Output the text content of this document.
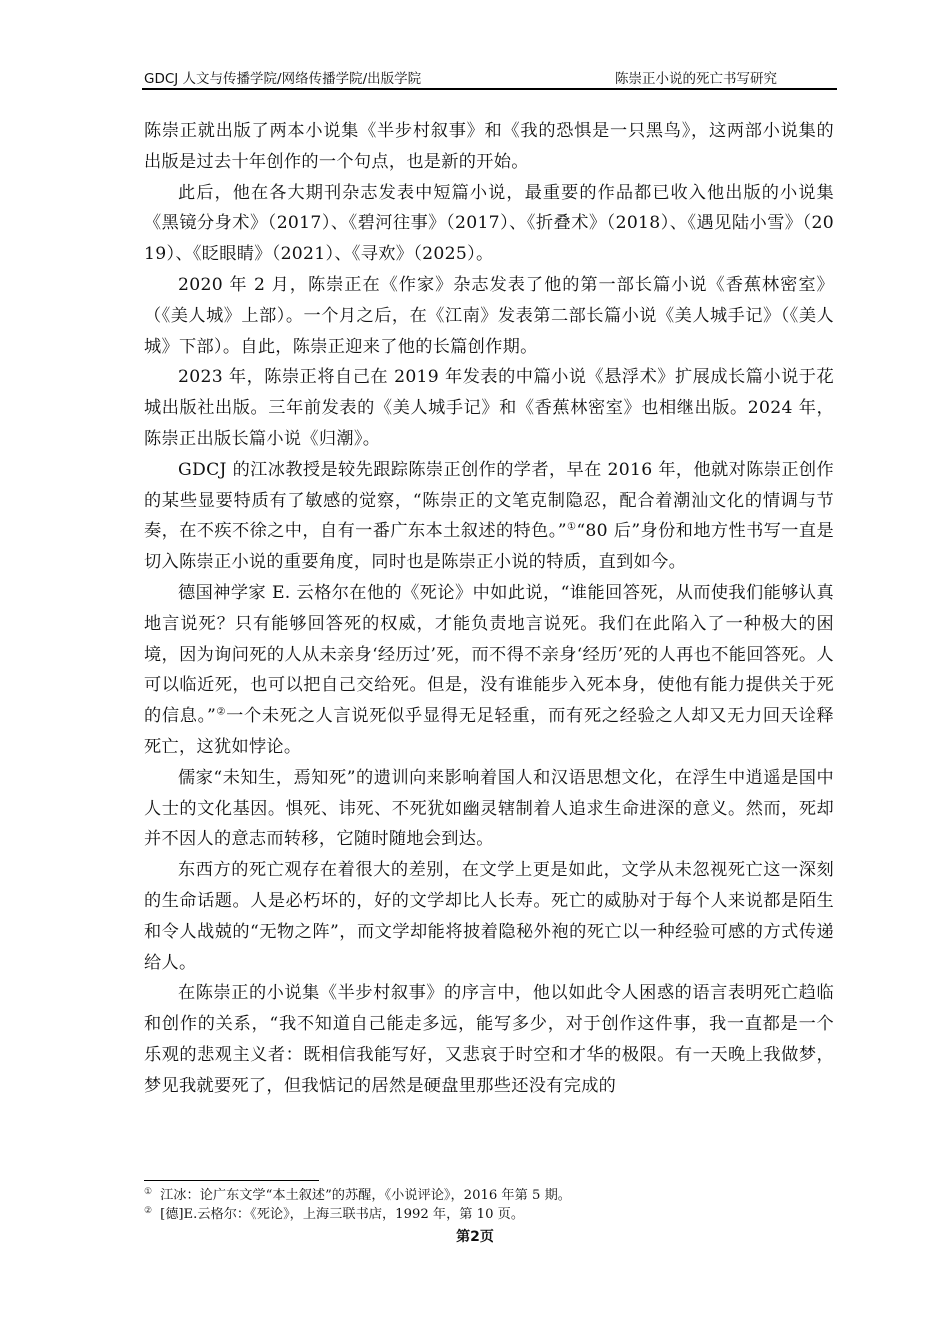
GDCJ 人文与传播学院/网络传播学院/出版学院	陈崇正小说的死亡书写研究

陈崇正就出版了两本小说集《半步村叙事》和《我的恐惧是一只黑鸟》，这两部小说集的出版是过去十年创作的一个句点，也是新的开始。

此后，他在各大期刊杂志发表中短篇小说，最重要的作品都已收入他出版的小说集《黑镜分身术》（2017）、《碧河往事》（2017）、《折叠术》（2018）、《遇见陆小雪》（2019）、《眨眼睛》（2021）、《寻欢》（2025）。

2020 年 2 月，陈崇正在《作家》杂志发表了他的第一部长篇小说《香蕉林密室》（《美人城》上部）。一个月之后，在《江南》发表第二部长篇小说《美人城手记》（《美人城》下部）。自此，陈崇正迎来了他的长篇创作期。

2023 年，陈崇正将自己在 2019 年发表的中篇小说《悬浮术》扩展成长篇小说于花城出版社出版。三年前发表的《美人城手记》和《香蕉林密室》也相继出版。2024 年，陈崇正出版长篇小说《归潮》。

GDCJ 的江冰教授是较先跟踪陈崇正创作的学者，早在 2016 年，他就对陈崇正创作的某些显要特质有了敏感的觉察，“陈崇正的文笔克制隐忍，配合着潮汕文化的情调与节奏，在不疾不徐之中，自有一番广东本土叙述的特色。”①“80 后”身份和地方性书写一直是切入陈崇正小说的重要角度，同时也是陈崇正小说的特质，直到如今。

德国神学家 E. 云格尔在他的《死论》中如此说，“谁能回答死，从而使我们能够认真地言说死？只有能够回答死的权威，才能负责地言说死。我们在此陷入了一种极大的困境，因为询问死的人从未亲身‘经历过’死，而不得不亲身‘经历’死的人再也不能回答死。人可以临近死，也可以把自己交给死。但是，没有谁能步入死本身，使他有能力提供关于死的信息。”②一个未死之人言说死似乎显得无足轻重，而有死之经验之人却又无力回天诠释死亡，这犹如悖论。

儒家“未知生，焉知死”的遗训向来影响着国人和汉语思想文化，在浮生中逍遥是国中人士的文化基因。惧死、讳死、不死犹如幽灵辖制着人追求生命进深的意义。然而，死却并不因人的意志而转移，它随时随地会到达。

东西方的死亡观存在着很大的差别，在文学上更是如此，文学从未忽视死亡这一深刻的生命话题。人是必朽坏的，好的文学却比人长寿。死亡的威胁对于每个人来说都是陌生和令人战兢的“无物之阵”，而文学却能将披着隐秘外袍的死亡以一种经验可感的方式传递给人。

在陈崇正的小说集《半步村叙事》的序言中，他以如此令人困惑的语言表明死亡趋临和创作的关系，“我不知道自己能走多远，能写多少，对于创作这件事，我一直都是一个乐观的悲观主义者：既相信我能写好，又悲哀于时空和才华的极限。有一天晚上我做梦，梦见我就要死了，但我惦记的居然是硬盘里那些还没有完成的

① 江冰：论广东文学“本土叙述”的苏醒，《小说评论》，2016 年第 5 期。
② [德]E.云格尔：《死论》，上海三联书店，1992 年，第 10 页。
第2页
